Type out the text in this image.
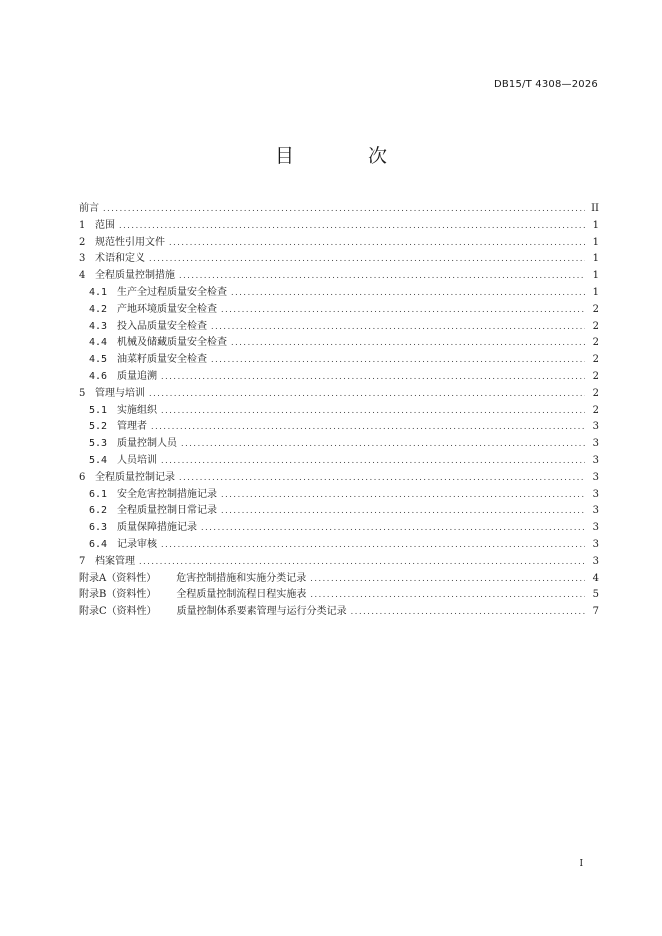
DB15/T 4308—2026
目 次
前言 .....	II
1 范围 .....	1
2 规范性引用文件 .....	1
3 术语和定义 .....	1
4 全程质量控制措施 .....	1
4.1 生产全过程质量安全检查 .....	1
4.2 产地环境质量安全检查 .....	2
4.3 投入品质量安全检查 .....	2
4.4 机械及储藏质量安全检查 .....	2
4.5 油菜籽质量安全检查 .....	2
4.6 质量追溯 .....	2
5 管理与培训 .....	2
5.1 实施组织 .....	2
5.2 管理者 .....	3
5.3 质量控制人员 .....	3
5.4 人员培训 .....	3
6 全程质量控制记录 .....	3
6.1 安全危害控制措施记录 .....	3
6.2 全程质量控制日常记录 .....	3
6.3 质量保障措施记录 .....	3
6.4 记录审核 .....	3
7 档案管理 .....	3
附录A（资料性） 危害控制措施和实施分类记录 .....	4
附录B（资料性） 全程质量控制流程日程实施表 .....	5
附录C（资料性） 质量控制体系要素管理与运行分类记录 .....	7
I
